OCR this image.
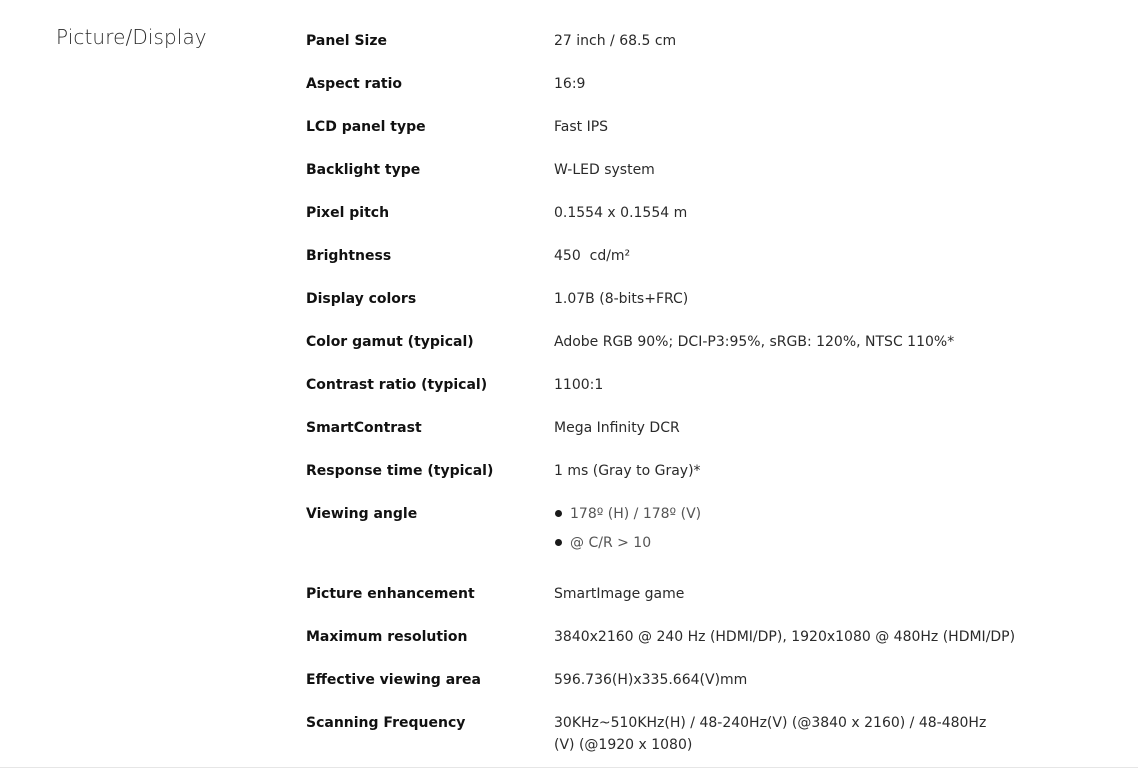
Picture/Display	Panel Size	27 inch / 68.5 cm
Aspect ratio	16:9
LCD panel type	Fast IPS
Backlight type	W-LED system
Pixel pitch	0.1554 x 0.1554 m
Brightness	450  cd/m²
Display colors	1.07B (8-bits+FRC)
Color gamut (typical)	Adobe RGB 90%; DCI-P3:95%, sRGB: 120%, NTSC 110%*
Contrast ratio (typical)	1100:1
SmartContrast	Mega Infinity DCR
Response time (typical)	1 ms (Gray to Gray)*
Viewing angle	178º (H) / 178º (V)
@ C/R > 10
Picture enhancement	SmartImage game
Maximum resolution	3840x2160 @ 240 Hz (HDMI/DP), 1920x1080 @ 480Hz (HDMI/DP)
Effective viewing area	596.736(H)x335.664(V)mm
Scanning Frequency	30KHz~510KHz(H) / 48-240Hz(V) (@3840 x 2160) / 48-480Hz (V) (@1920 x 1080)
